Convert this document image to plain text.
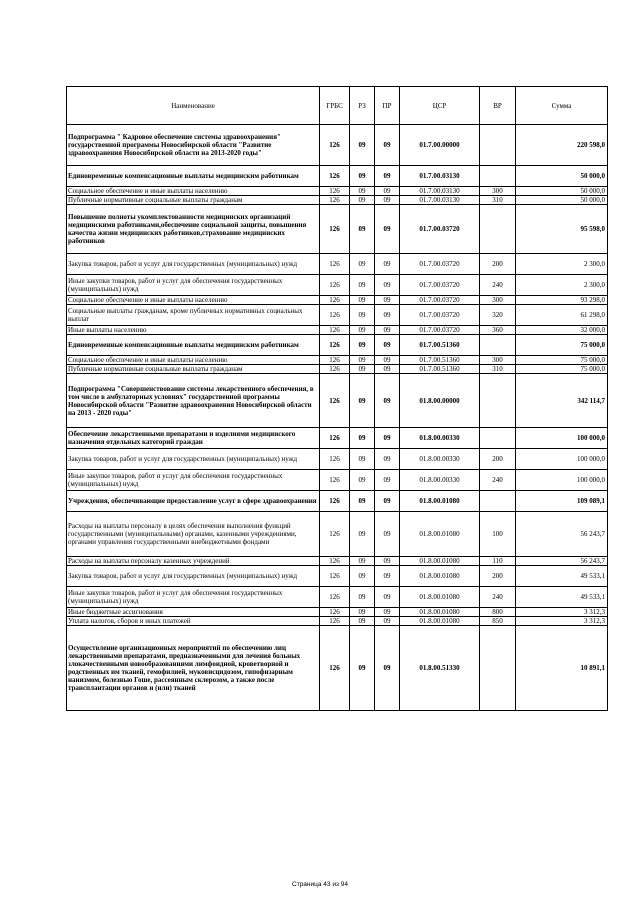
Наименование	ГРБС	РЗ	ПР	ЦСР	ВР	Сумма
Подпрограмма " Кадровое обеспечение системы здравоохранения" государственной программы Новосибирской области "Развитие здравоохранения Новосибирской области на 2013-2020 годы"	126	09	09	01.7.00.00000		220 598,0
Единовременные компенсационные выплаты медицинским работникам	126	09	09	01.7.00.03130		50 000,0
Социальное обеспечение и иные выплаты населению	126	09	09	01.7.00.03130	300	50 000,0
Публичные нормативные социальные выплаты гражданам	126	09	09	01.7.00.03130	310	50 000,0
Повышение полноты укомплектованности медицинских организаций медицинскими работниками,обеспечение социальной защиты, повышения качества жизни медицинских работников,страхование медицинских работников	126	09	09	01.7.00.03720		95 598,0
Закупка товаров, работ и услуг для государственных (муниципальных) нужд	126	09	09	01.7.00.03720	200	2 300,0
Иные закупки товаров, работ и услуг для обеспечения государственных (муниципальных) нужд	126	09	09	01.7.00.03720	240	2 300,0
Социальное обеспечение и иные выплаты населению	126	09	09	01.7.00.03720	300	93 298,0
Социальные выплаты гражданам, кроме публичных нормативных социальных выплат	126	09	09	01.7.00.03720	320	61 298,0
Иные выплаты населению	126	09	09	01.7.00.03720	360	32 000,0
Единовременные компенсационные выплаты медицинским работникам	126	09	09	01.7.00.51360		75 000,0
Социальное обеспечение и иные выплаты населению	126	09	09	01.7.00.51360	300	75 000,0
Публичные нормативные социальные выплаты гражданам	126	09	09	01.7.00.51360	310	75 000,0
Подпрограмма "Совершенствование системы лекарственного обеспечения, в том числе в амбулаторных условиях" государственной программы Новосибирской области "Развитие здравоохранения Новосибирской области на 2013 - 2020 годы"	126	09	09	01.8.00.00000		342 114,7
Обеспечение лекарственными препаратами и изделиями медицинского назначения отдельных категорий граждан	126	09	09	01.8.00.00330		100 000,0
Закупка товаров, работ и услуг для государственных (муниципальных) нужд	126	09	09	01.8.00.00330	200	100 000,0
Иные закупки товаров, работ и услуг для обеспечения государственных (муниципальных) нужд	126	09	09	01.8.00.00330	240	100 000,0
Учреждения, обеспечивающие предоставление услуг в сфере здравоохранения	126	09	09	01.8.00.01080		109 089,1
Расходы на выплаты персоналу в целях обеспечения выполнения функций государственными (муниципальными) органами, казенными учреждениями, органами управления государственными внебюджетными фондами	126	09	09	01.8.00.01080	100	56 243,7
Расходы на выплаты персоналу казенных учреждений	126	09	09	01.8.00.01080	110	56 243,7
Закупка товаров, работ и услуг для государственных (муниципальных) нужд	126	09	09	01.8.00.01080	200	49 533,1
Иные закупки товаров, работ и услуг для обеспечения государственных (муниципальных) нужд	126	09	09	01.8.00.01080	240	49 533,1
Иные бюджетные ассигнования	126	09	09	01.8.00.01080	800	3 312,3
Уплата налогов, сборов и иных платежей	126	09	09	01.8.00.01080	850	3 312,3
Осуществление организационных мероприятий по обеспечению лиц лекарственными препаратами, предназначенными для лечения больных злокачественными новообразованиями лимфоидной, кроветворной и родственных им тканей, гемофилией, муковисцидозом, гипофизарным нанизмом, болезнью Гоше, рассеянным склерозом, а также после трансплантации органов и (или) тканей	126	09	09	01.8.00.51330		10 891,1
Страница 43 из 94
